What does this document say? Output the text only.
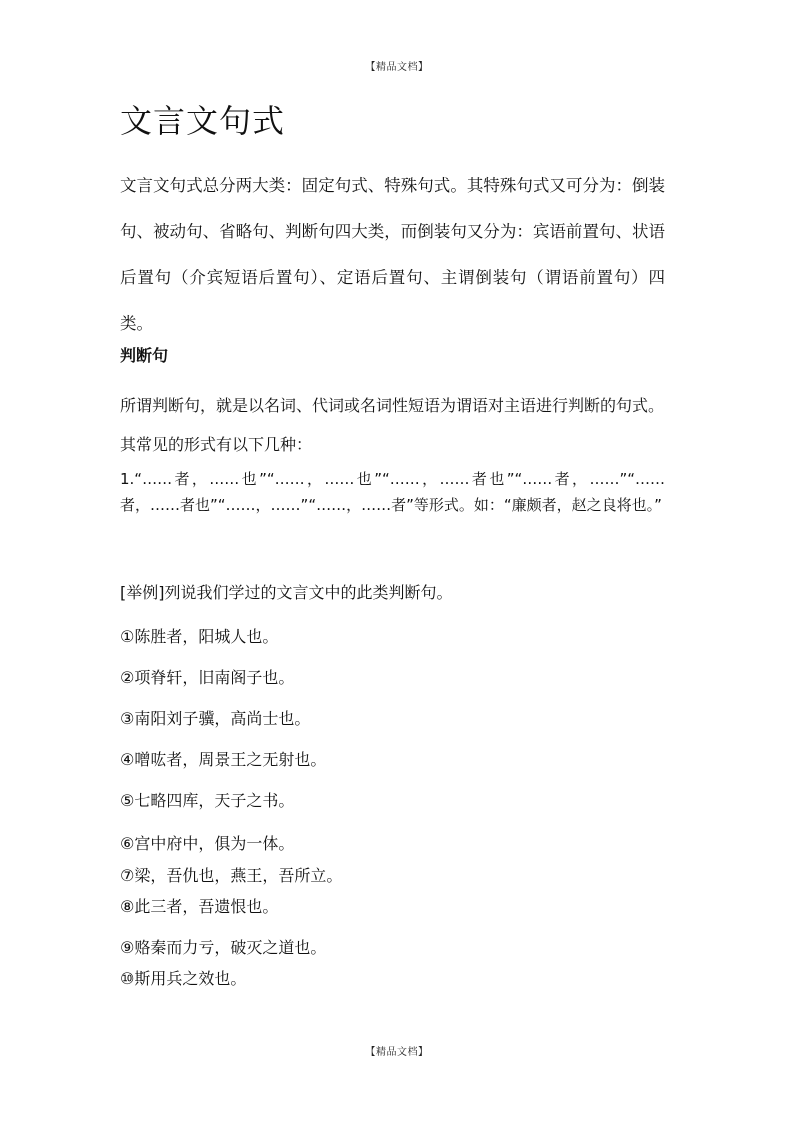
【精品文档】
文言文句式

文言文句式总分两大类：固定句式、特殊句式。其特殊句式又可分为：倒装句、被动句、省略句、判断句四大类，而倒装句又分为：宾语前置句、状语后置句（介宾短语后置句）、定语后置句、主谓倒装句（谓语前置句）四类。

判断句

所谓判断句，就是以名词、代词或名词性短语为谓语对主语进行判断的句式。

其常见的形式有以下几种：

1.“……者，……也”“……，……也”“……，……者也”“……者，……”“……者，……者也”“……，……”“……，……者”等形式。如：“廉颇者，赵之良将也。”

[举例]列说我们学过的文言文中的此类判断句。

①陈胜者，阳城人也。

②项脊轩，旧南阁子也。

③南阳刘子骥，高尚士也。

④噌吰者，周景王之无射也。

⑤七略四库，天子之书。

⑥宫中府中，俱为一体。

⑦梁，吾仇也，燕王，吾所立。

⑧此三者，吾遗恨也。

⑨赂秦而力亏，破灭之道也。

⑩斯用兵之效也。

【精品文档】
